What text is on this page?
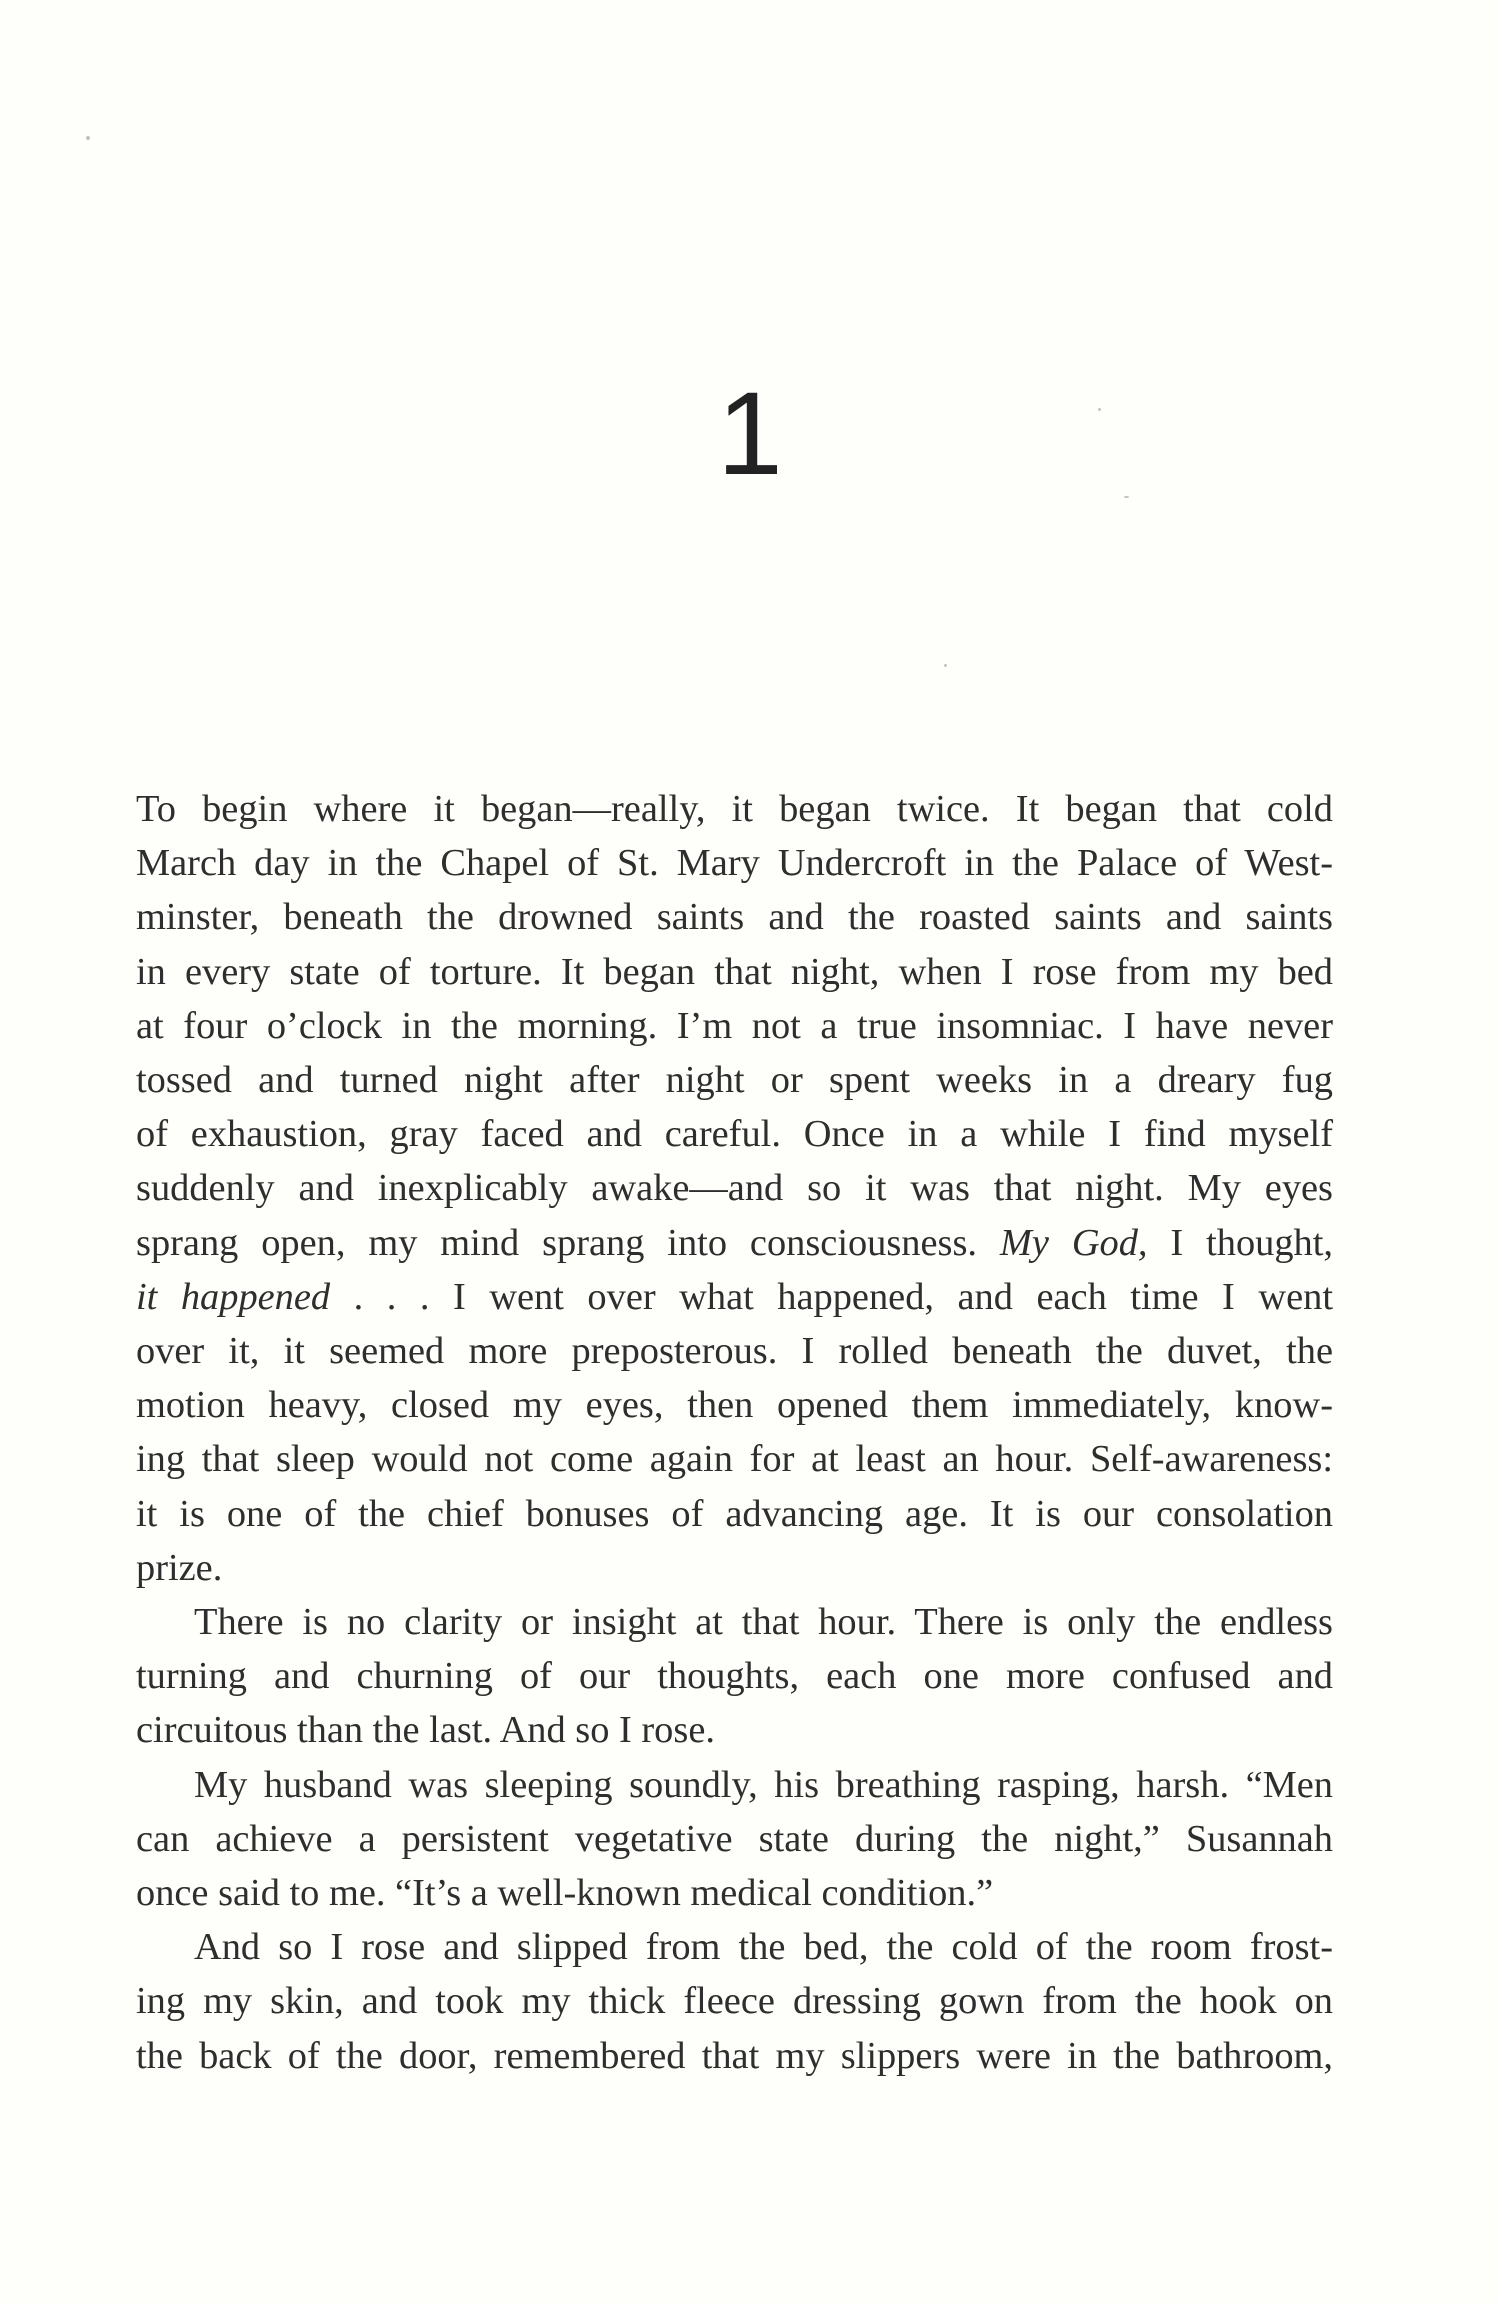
1
To begin where it began—really, it began twice. It began that cold
March day in the Chapel of St. Mary Undercroft in the Palace of West-
minster, beneath the drowned saints and the roasted saints and saints
in every state of torture. It began that night, when I rose from my bed
at four o’clock in the morning. I’m not a true insomniac. I have never
tossed and turned night after night or spent weeks in a dreary fug
of exhaustion, gray faced and careful. Once in a while I find myself
suddenly and inexplicably awake—and so it was that night. My eyes
sprang open, my mind sprang into consciousness. My God, I thought,
it happened . . . I went over what happened, and each time I went
over it, it seemed more preposterous. I rolled beneath the duvet, the
motion heavy, closed my eyes, then opened them immediately, know-
ing that sleep would not come again for at least an hour. Self-awareness:
it is one of the chief bonuses of advancing age. It is our consolation
prize.
There is no clarity or insight at that hour. There is only the endless
turning and churning of our thoughts, each one more confused and
circuitous than the last. And so I rose.
My husband was sleeping soundly, his breathing rasping, harsh. “Men
can achieve a persistent vegetative state during the night,” Susannah
once said to me. “It’s a well-known medical condition.”
And so I rose and slipped from the bed, the cold of the room frost-
ing my skin, and took my thick fleece dressing gown from the hook on
the back of the door, remembered that my slippers were in the bathroom,
